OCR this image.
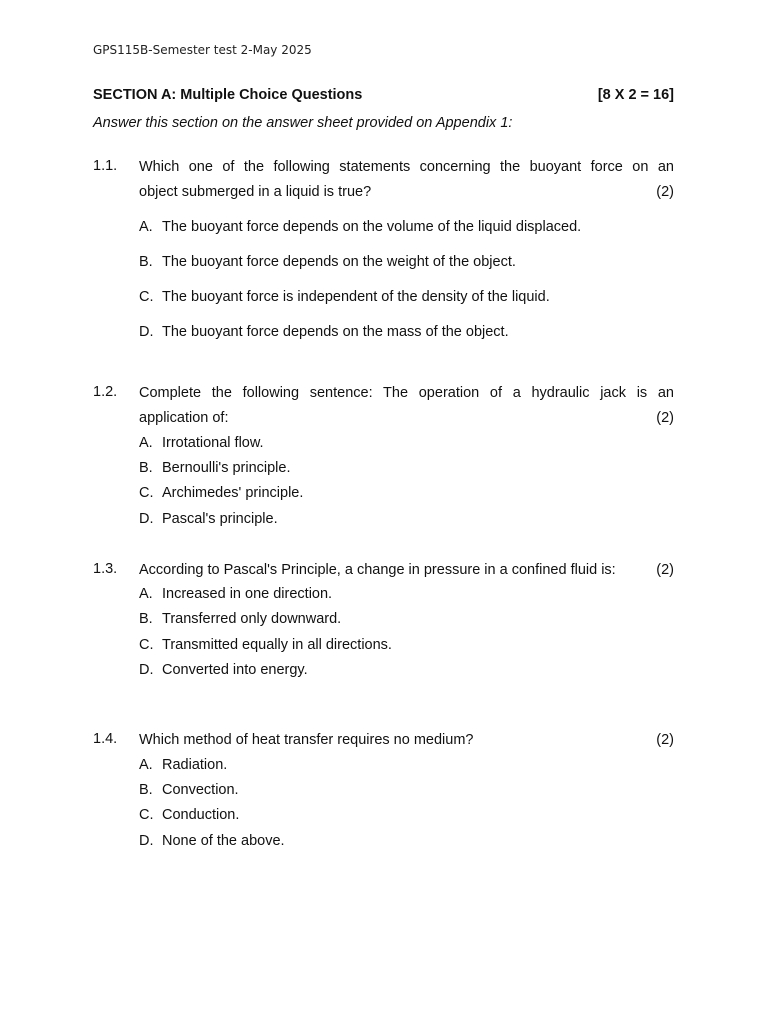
GPS115B-Semester test 2-May 2025
SECTION A: Multiple Choice Questions	[8 X 2 = 16]
Answer this section on the answer sheet provided on Appendix 1:
1.1. Which one of the following statements concerning the buoyant force on an
object submerged in a liquid is true?	(2)
A. The buoyant force depends on the volume of the liquid displaced.
B. The buoyant force depends on the weight of the object.
C. The buoyant force is independent of the density of the liquid.
D. The buoyant force depends on the mass of the object.
1.2. Complete the following sentence: The operation of a hydraulic jack is an
application of:	(2)
A. Irrotational flow.
B. Bernoulli's principle.
C. Archimedes' principle.
D. Pascal's principle.
1.3. According to Pascal's Principle, a change in pressure in a confined fluid is:	(2)
A. Increased in one direction.
B. Transferred only downward.
C. Transmitted equally in all directions.
D. Converted into energy.
1.4. Which method of heat transfer requires no medium?	(2)
A. Radiation.
B. Convection.
C. Conduction.
D. None of the above.
